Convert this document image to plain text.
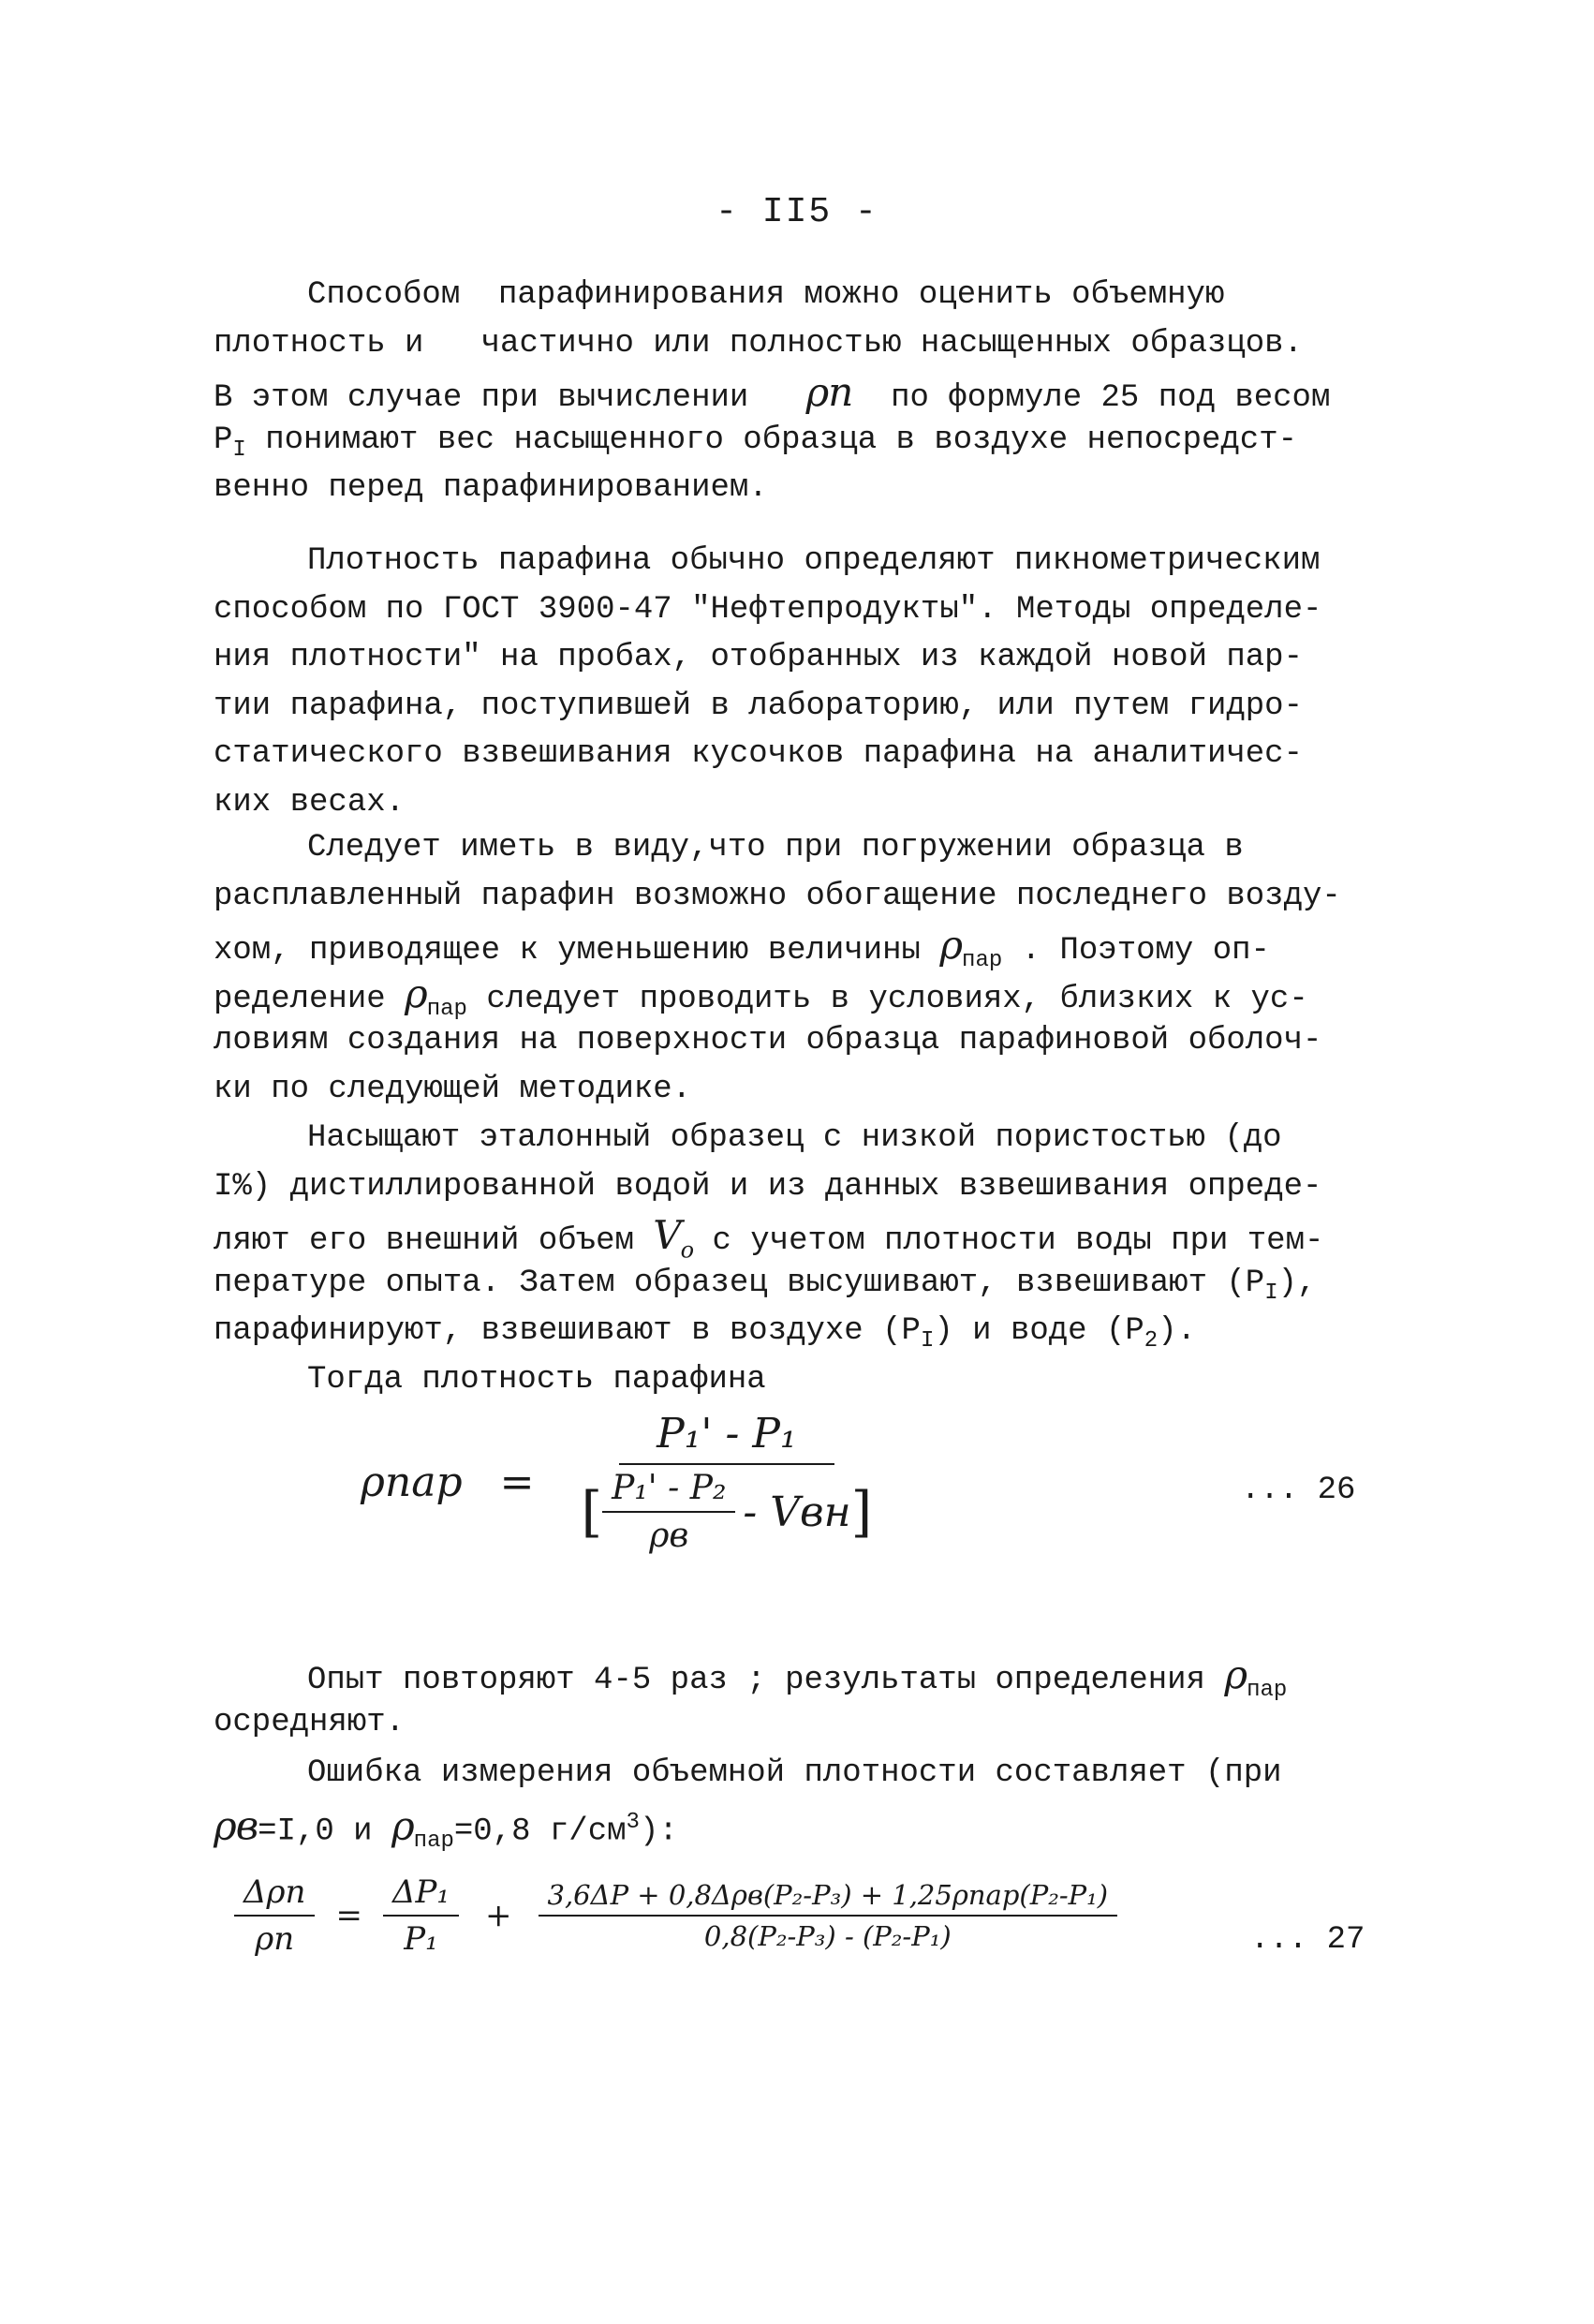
- II5 -
Способом  парафинирования можно оценить объемную
плотность и   частично или полностью насыщенных образцов.
В этом случае при вычислении ρп по формуле 25 под весом
$P_I$ понимают вес насыщенного образца в воздухе непосредст-
венно перед парафинированием.
Плотность парафина обычно определяют пикнометрическим
способом по ГОСТ 3900-47 "Нефтепродукты". Методы определе-
ния плотности" на пробах, отобранных из каждой новой пар-
тии парафина, поступившей в лабораторию, или путем гидро-
статического взвешивания кусочков парафина на аналитичес-
ких весах.
Следует иметь в виду,что при погружении образца в
расплавленный парафин возможно обогащение последнего возду-
хом, приводящее к уменьшению величины $\rho_{пар}$ . Поэтому оп-
ределение $\rho_{пар}$ следует проводить в условиях, близких к ус-
ловиям создания на поверхности образца парафиновой оболоч-
ки по следующей методике.
Насыщают эталонный образец с низкой пористостью (до
I%) дистиллированной водой и из данных взвешивания опреде-
ляют его внешний объем $V_o$ с учетом плотности воды при тем-
пературе опыта. Затем образец высушивают, взвешивают $(P_I)$,
парафинируют, взвешивают в воздухе $(P_I)$ и воде $(P_2)$.
Тогда плотность парафина
ρпар =
P₁' - P₁
[ $\frac{\text{P₁' - P₂}}{\rho в}$ - Vвн ]	... 26
Опыт повторяют 4-5 раз ; результаты определения $\rho_{пар}$
осредняют.
Ошибка измерения объемной плотности составляет (при
ρв=I,0 и $\rho_{пар}=0,8$ $г/см^3$):
$\frac{\text{Δρп}}{\rho п} = \frac{\text{ΔP₁}}{\text{P₁}} + \frac{\text{3,6ΔP + 0,8Δρв(P₂-P₃) + 1,25ρпар(P₂-P₁)}}{\text{0,8(P₂-P₃) - (P₂-P₁)}}$	... 27
